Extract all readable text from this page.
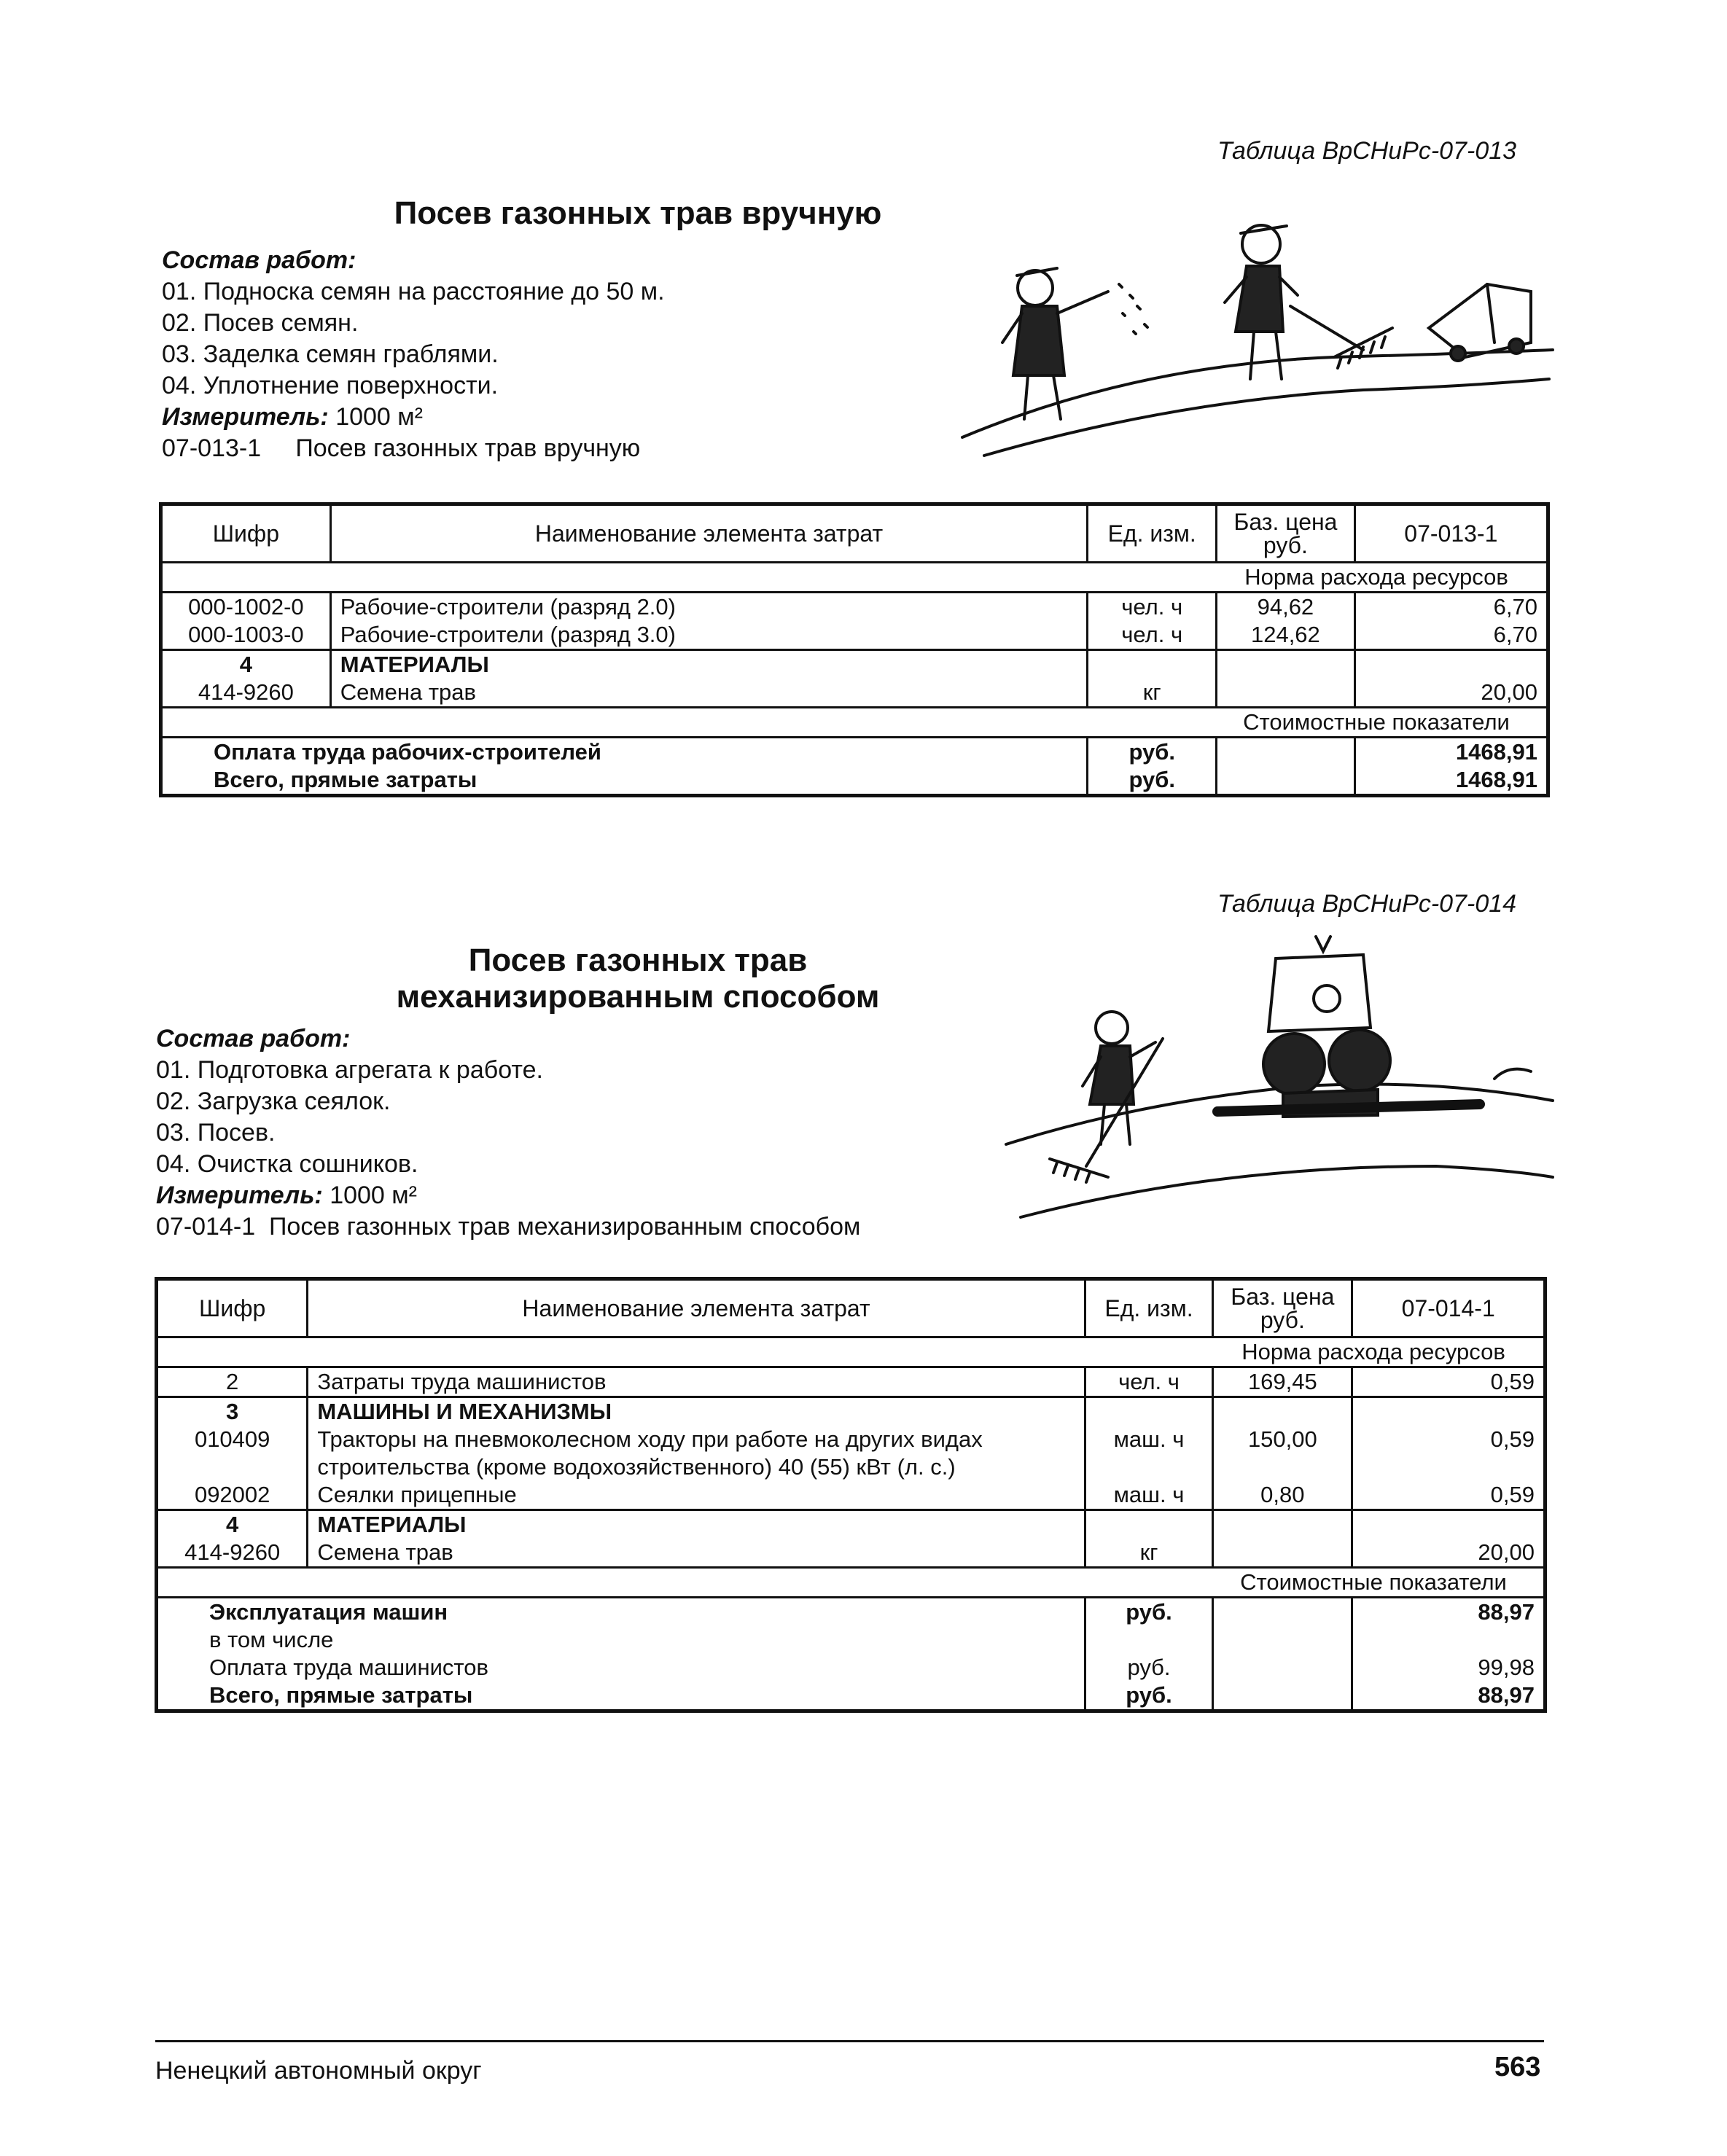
Таблица ВрСНиРс-07-013
Посев газонных трав вручную
Состав работ:
01. Подноска семян на расстояние до 50 м.
02. Посев семян.
03. Заделка семян граблями.
04. Уплотнение поверхности.
Измеритель: 1000 м²
07-013-1     Посев газонных трав вручную
Шифр	Наименование элемента затрат	Ед. изм.	Баз. цена руб.	07-013-1
Норма расхода ресурсов				
000-1002-0	Рабочие-строители (разряд 2.0)	чел. ч	94,62	6,70
000-1003-0	Рабочие-строители (разряд 3.0)	чел. ч	124,62	6,70
4	МАТЕРИАЛЫ			
414-9260	Семена трав	кг		20,00
Стоимостные показатели				
Оплата труда рабочих-строителей		руб.		1468,91
Всего, прямые затраты		руб.		1468,91
Таблица ВрСНиРс-07-014
Посев газонных трав
механизированным способом
Состав работ:
01. Подготовка агрегата к работе.
02. Загрузка сеялок.
03. Посев.
04. Очистка сошников.
Измеритель: 1000 м²
07-014-1  Посев газонных трав механизированным способом
Шифр	Наименование элемента затрат	Ед. изм.	Баз. цена руб.	07-014-1
Норма расхода ресурсов				
2	Затраты труда машинистов	чел. ч	169,45	0,59
3	МАШИНЫ И МЕХАНИЗМЫ			
010409	Тракторы на пневмоколесном ходу при работе на других видах	маш. ч	150,00	0,59
	строительства (кроме водохозяйственного) 40 (55) кВт (л. с.)			
092002	Сеялки прицепные	маш. ч	0,80	0,59
4	МАТЕРИАЛЫ			
414-9260	Семена трав	кг		20,00
Стоимостные показатели				
Эксплуатация машин		руб.		88,97
в том числе				
Оплата труда машинистов		руб.		99,98
Всего, прямые затраты		руб.		88,97
Ненецкий автономный округ	563
